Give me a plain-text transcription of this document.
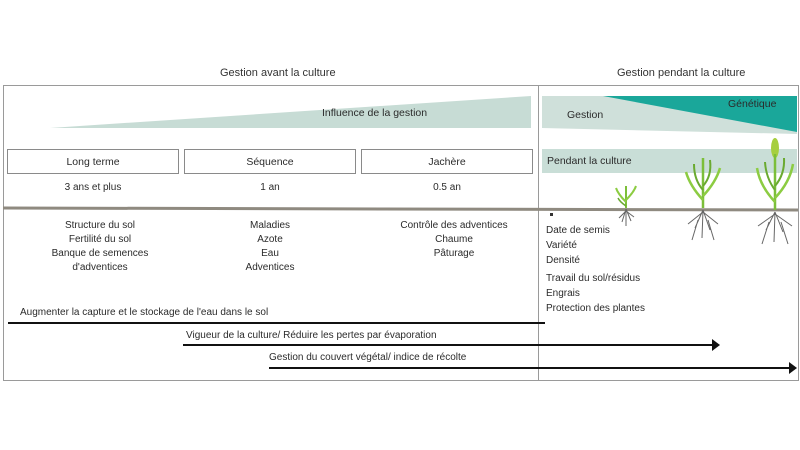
Gestion avant la culture	Gestion pendant la culture
Influence de la gestion	Gestion
Génétique
Long terme	Séquence	Jachère
3 ans et plus	1 an	0.5 an
Structure du sol
Fertilité du sol
Banque de semences
d'adventices
Maladies
Azote
Eau
Adventices
Contrôle des adventices
Chaume
Pâturage
Pendant la culture
Date de semis
Variété
Densité
Travail du sol/résidus
Engrais
Protection des plantes
Augmenter la capture et le stockage de l'eau dans le sol
Vigueur de la culture/ Réduire les pertes par évaporation
Gestion du couvert végétal/ indice de récolte
